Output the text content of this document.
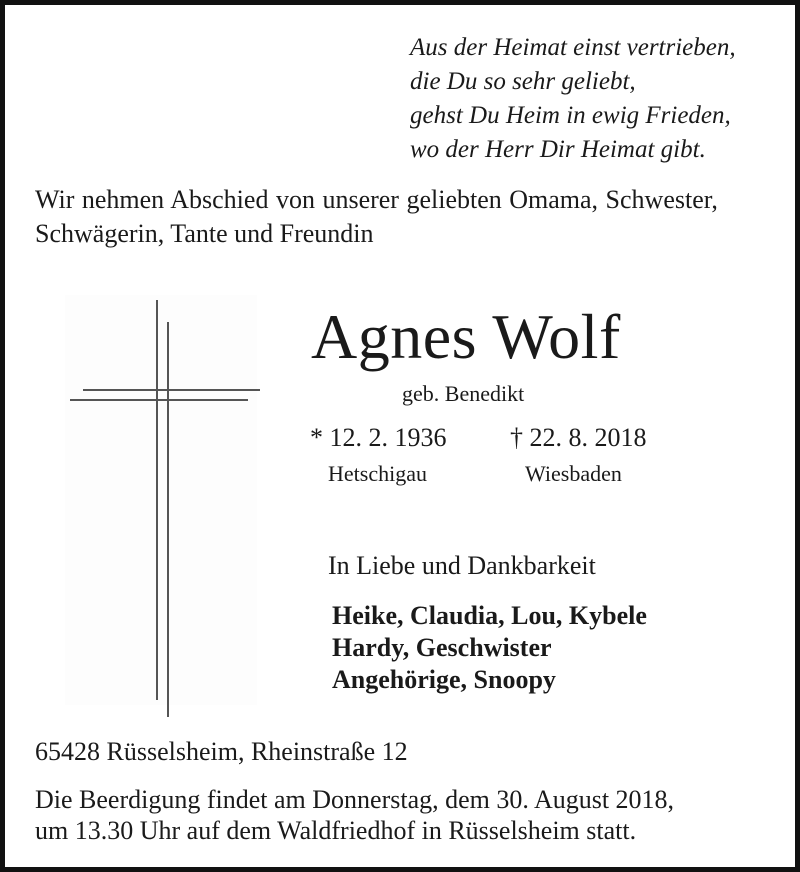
Aus der Heimat einst vertrieben,
die Du so sehr geliebt,
gehst Du Heim in ewig Frieden,
wo der Herr Dir Heimat gibt.
Wir nehmen Abschied von unserer geliebten Omama, Schwester,
Schwägerin, Tante und Freundin
Agnes Wolf
geb. Benedikt
* 12. 2. 1936 † 22. 8. 2018
Hetschigau	Wiesbaden
In Liebe und Dankbarkeit
Heike, Claudia, Lou, Kybele
Hardy, Geschwister
Angehörige, Snoopy
65428 Rüsselsheim, Rheinstraße 12
Die Beerdigung findet am Donnerstag, dem 30. August 2018,
um 13.30 Uhr auf dem Waldfriedhof in Rüsselsheim statt.
